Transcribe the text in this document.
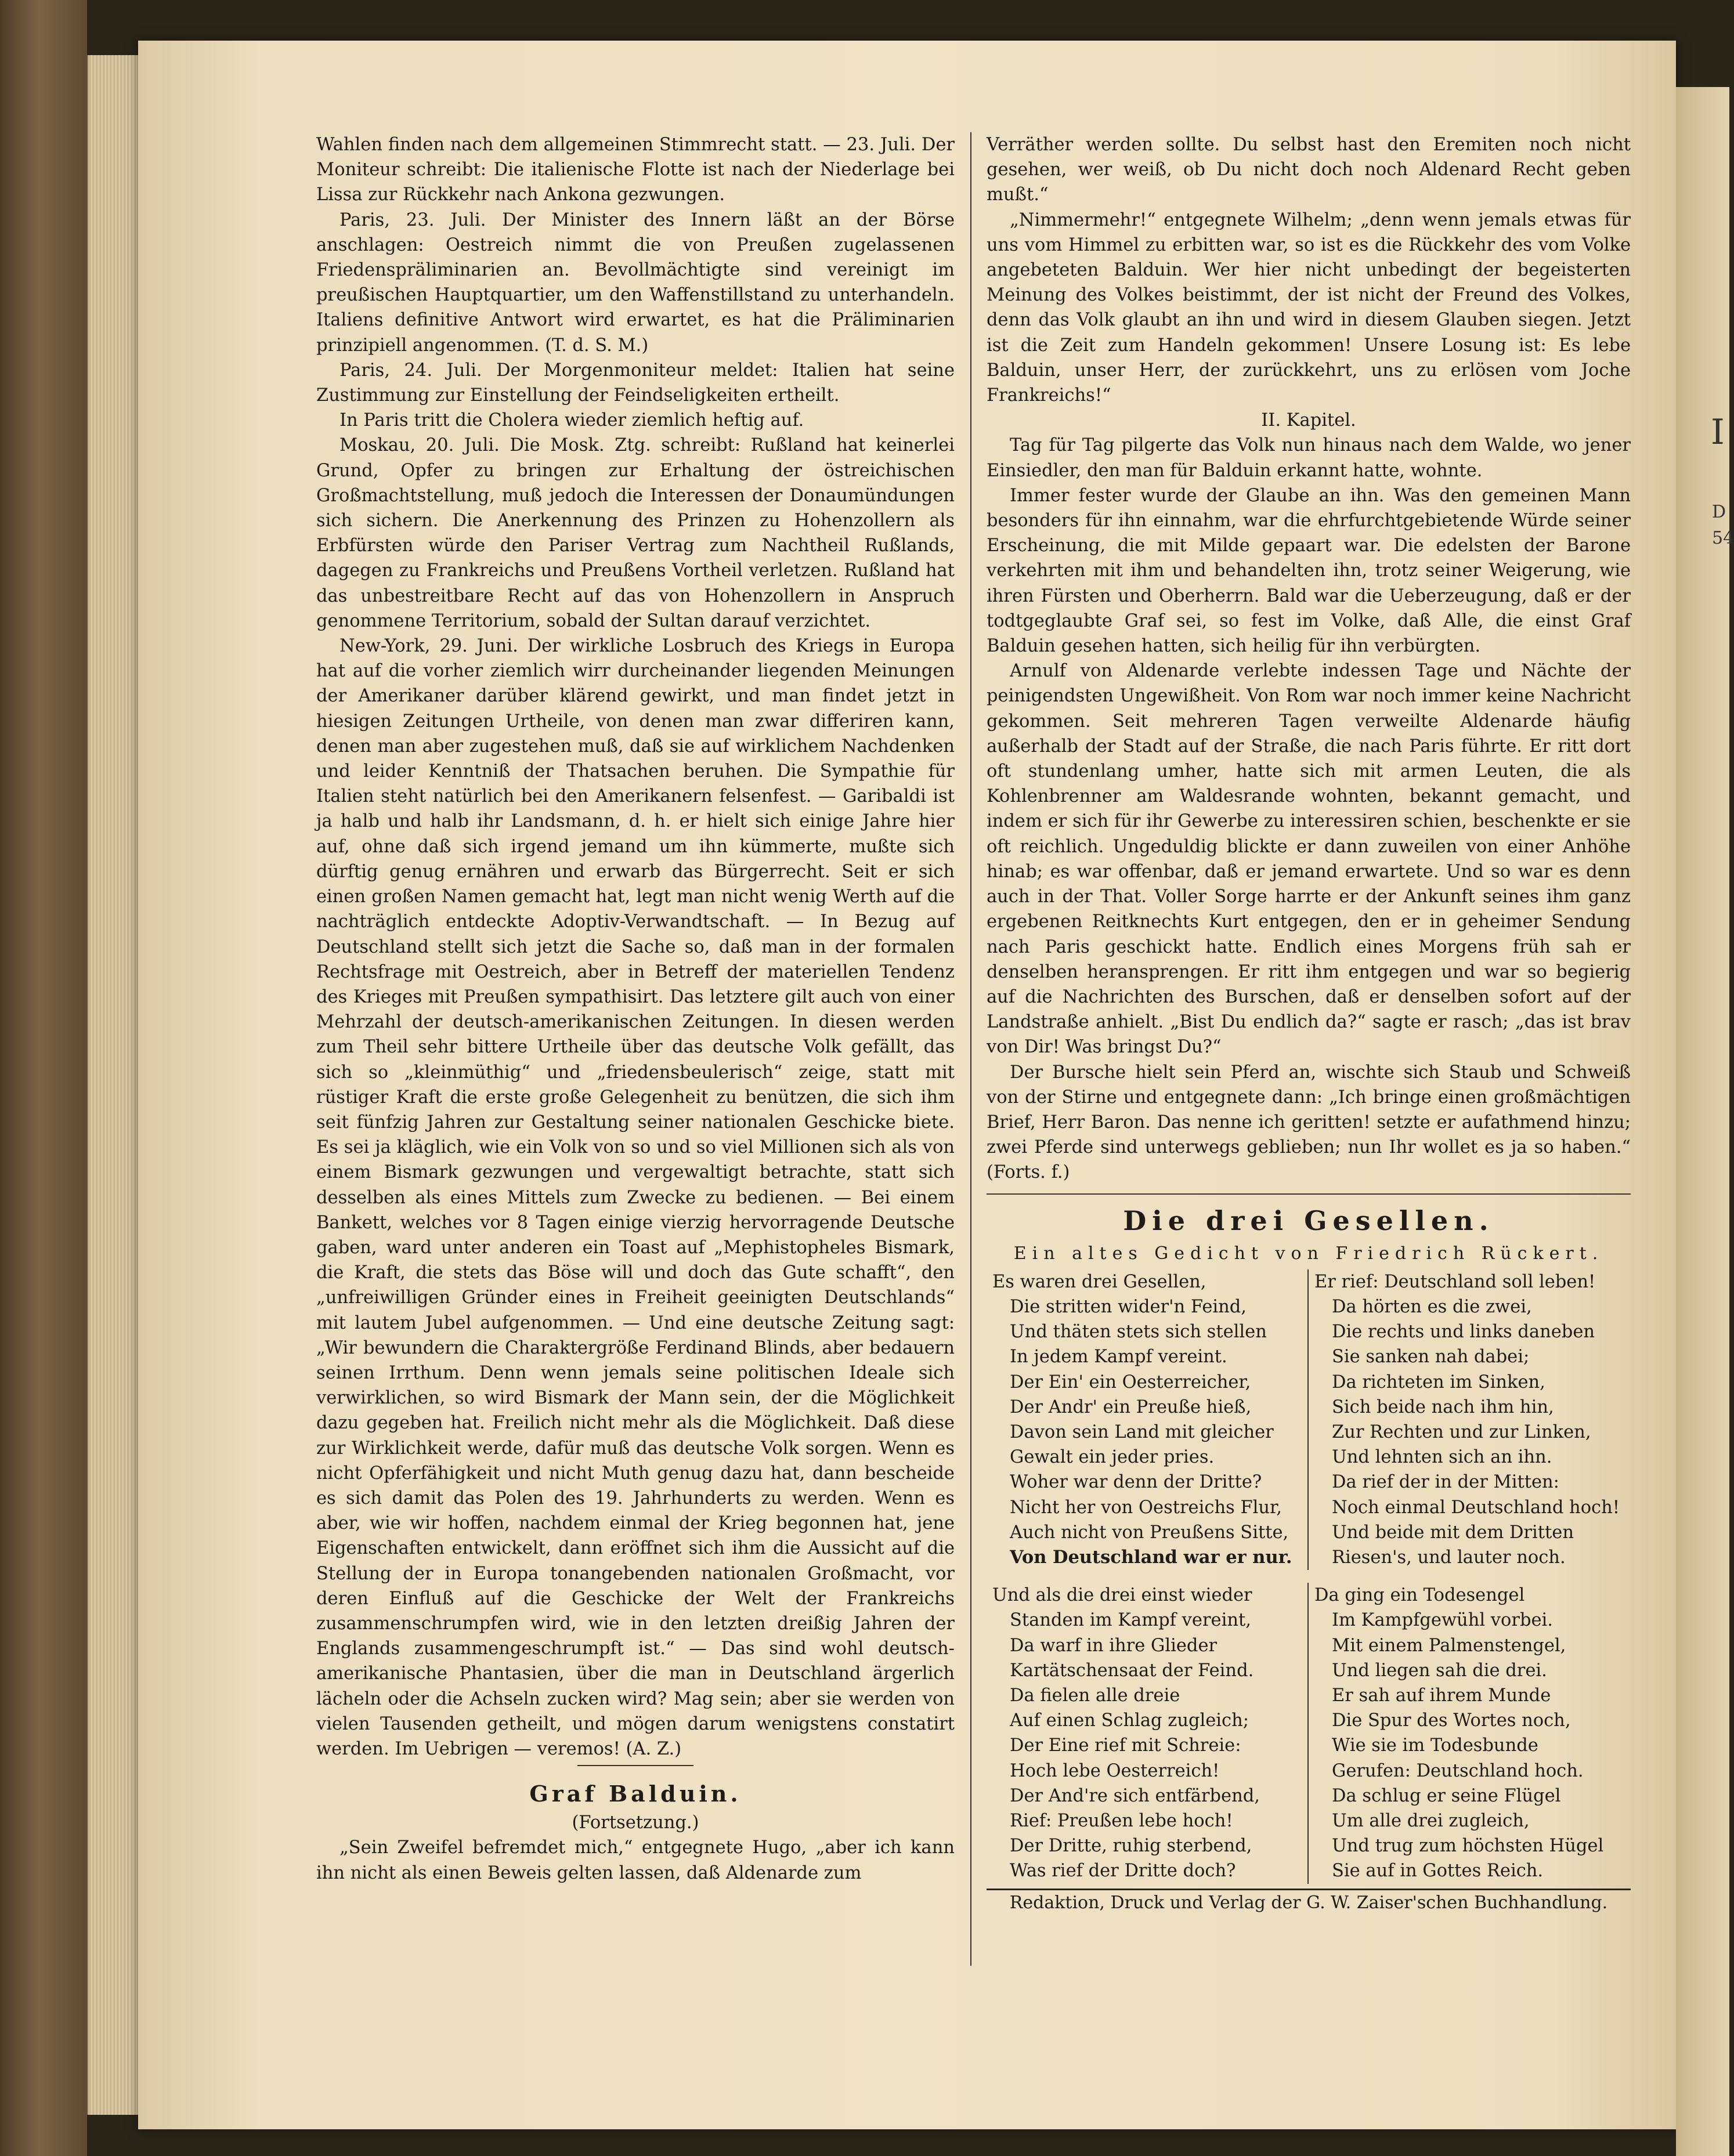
I
D
54

Wahlen finden nach dem allgemeinen Stimmrecht statt. — 23. Juli. Der Moniteur schreibt: Die italienische Flotte ist nach der Niederlage bei Lissa zur Rückkehr nach Ankona gezwungen.

Paris, 23. Juli. Der Minister des Innern läßt an der Börse anschlagen: Oestreich nimmt die von Preußen zugelassenen Friedenspräliminarien an. Bevollmächtigte sind vereinigt im preußischen Hauptquartier, um den Waffenstillstand zu unterhandeln. Italiens definitive Antwort wird erwartet, es hat die Präliminarien prinzipiell angenommen. (T. d. S. M.)

Paris, 24. Juli. Der Morgenmoniteur meldet: Italien hat seine Zustimmung zur Einstellung der Feindseligkeiten ertheilt.

In Paris tritt die Cholera wieder ziemlich heftig auf.

Moskau, 20. Juli. Die Mosk. Ztg. schreibt: Rußland hat keinerlei Grund, Opfer zu bringen zur Erhaltung der östreichischen Großmachtstellung, muß jedoch die Interessen der Donaumündungen sich sichern. Die Anerkennung des Prinzen zu Hohenzollern als Erbfürsten würde den Pariser Vertrag zum Nachtheil Rußlands, dagegen zu Frankreichs und Preußens Vortheil verletzen. Rußland hat das unbestreitbare Recht auf das von Hohenzollern in Anspruch genommene Territorium, sobald der Sultan darauf verzichtet.

New-York, 29. Juni. Der wirkliche Losbruch des Kriegs in Europa hat auf die vorher ziemlich wirr durcheinander liegenden Meinungen der Amerikaner darüber klärend gewirkt, und man findet jetzt in hiesigen Zeitungen Urtheile, von denen man zwar differiren kann, denen man aber zugestehen muß, daß sie auf wirklichem Nachdenken und leider Kenntniß der Thatsachen beruhen. Die Sympathie für Italien steht natürlich bei den Amerikanern felsenfest. — Garibaldi ist ja halb und halb ihr Landsmann, d. h. er hielt sich einige Jahre hier auf, ohne daß sich irgend jemand um ihn kümmerte, mußte sich dürftig genug ernähren und erwarb das Bürgerrecht. Seit er sich einen großen Namen gemacht hat, legt man nicht wenig Werth auf die nachträglich entdeckte Adoptiv-Verwandtschaft. — In Bezug auf Deutschland stellt sich jetzt die Sache so, daß man in der formalen Rechtsfrage mit Oestreich, aber in Betreff der materiellen Tendenz des Krieges mit Preußen sympathisirt. Das letztere gilt auch von einer Mehrzahl der deutsch-amerikanischen Zeitungen. In diesen werden zum Theil sehr bittere Urtheile über das deutsche Volk gefällt, das sich so „kleinmüthig“ und „friedensbeulerisch“ zeige, statt mit rüstiger Kraft die erste große Gelegenheit zu benützen, die sich ihm seit fünfzig Jahren zur Gestaltung seiner nationalen Geschicke biete. Es sei ja kläglich, wie ein Volk von so und so viel Millionen sich als von einem Bismark gezwungen und vergewaltigt betrachte, statt sich desselben als eines Mittels zum Zwecke zu bedienen. — Bei einem Bankett, welches vor 8 Tagen einige vierzig hervorragende Deutsche gaben, ward unter anderen ein Toast auf „Mephistopheles Bismark, die Kraft, die stets das Böse will und doch das Gute schafft“, den „unfreiwilligen Gründer eines in Freiheit geeinigten Deutschlands“ mit lautem Jubel aufgenommen. — Und eine deutsche Zeitung sagt: „Wir bewundern die Charaktergröße Ferdinand Blinds, aber bedauern seinen Irrthum. Denn wenn jemals seine politischen Ideale sich verwirklichen, so wird Bismark der Mann sein, der die Möglichkeit dazu gegeben hat. Freilich nicht mehr als die Möglichkeit. Daß diese zur Wirklichkeit werde, dafür muß das deutsche Volk sorgen. Wenn es nicht Opferfähigkeit und nicht Muth genug dazu hat, dann bescheide es sich damit das Polen des 19. Jahrhunderts zu werden. Wenn es aber, wie wir hoffen, nachdem einmal der Krieg begonnen hat, jene Eigenschaften entwickelt, dann eröffnet sich ihm die Aussicht auf die Stellung der in Europa tonangebenden nationalen Großmacht, vor deren Einfluß auf die Geschicke der Welt der Frankreichs zusammenschrumpfen wird, wie in den letzten dreißig Jahren der Englands zusammengeschrumpft ist.“ — Das sind wohl deutsch-amerikanische Phantasien, über die man in Deutschland ärgerlich lächeln oder die Achseln zucken wird? Mag sein; aber sie werden von vielen Tausenden getheilt, und mögen darum wenigstens constatirt werden. Im Uebrigen — veremos! (A. Z.)

Graf Balduin.
(Fortsetzung.)

„Sein Zweifel befremdet mich,“ entgegnete Hugo, „aber ich kann ihn nicht als einen Beweis gelten lassen, daß Aldenarde zum

Verräther werden sollte. Du selbst hast den Eremiten noch nicht gesehen, wer weiß, ob Du nicht doch noch Aldenard Recht geben mußt.“

„Nimmermehr!“ entgegnete Wilhelm; „denn wenn jemals etwas für uns vom Himmel zu erbitten war, so ist es die Rückkehr des vom Volke angebeteten Balduin. Wer hier nicht unbedingt der begeisterten Meinung des Volkes beistimmt, der ist nicht der Freund des Volkes, denn das Volk glaubt an ihn und wird in diesem Glauben siegen. Jetzt ist die Zeit zum Handeln gekommen! Unsere Losung ist: Es lebe Balduin, unser Herr, der zurückkehrt, uns zu erlösen vom Joche Frankreichs!“

II. Kapitel.

Tag für Tag pilgerte das Volk nun hinaus nach dem Walde, wo jener Einsiedler, den man für Balduin erkannt hatte, wohnte.

Immer fester wurde der Glaube an ihn. Was den gemeinen Mann besonders für ihn einnahm, war die ehrfurchtgebietende Würde seiner Erscheinung, die mit Milde gepaart war. Die edelsten der Barone verkehrten mit ihm und behandelten ihn, trotz seiner Weigerung, wie ihren Fürsten und Oberherrn. Bald war die Ueberzeugung, daß er der todtgeglaubte Graf sei, so fest im Volke, daß Alle, die einst Graf Balduin gesehen hatten, sich heilig für ihn verbürgten.

Arnulf von Aldenarde verlebte indessen Tage und Nächte der peinigendsten Ungewißheit. Von Rom war noch immer keine Nachricht gekommen. Seit mehreren Tagen verweilte Aldenarde häufig außerhalb der Stadt auf der Straße, die nach Paris führte. Er ritt dort oft stundenlang umher, hatte sich mit armen Leuten, die als Kohlenbrenner am Waldesrande wohnten, bekannt gemacht, und indem er sich für ihr Gewerbe zu interessiren schien, beschenkte er sie oft reichlich. Ungeduldig blickte er dann zuweilen von einer Anhöhe hinab; es war offenbar, daß er jemand erwartete. Und so war es denn auch in der That. Voller Sorge harrte er der Ankunft seines ihm ganz ergebenen Reitknechts Kurt entgegen, den er in geheimer Sendung nach Paris geschickt hatte. Endlich eines Morgens früh sah er denselben heransprengen. Er ritt ihm entgegen und war so begierig auf die Nachrichten des Burschen, daß er denselben sofort auf der Landstraße anhielt. „Bist Du endlich da?“ sagte er rasch; „das ist brav von Dir! Was bringst Du?“

Der Bursche hielt sein Pferd an, wischte sich Staub und Schweiß von der Stirne und entgegnete dann: „Ich bringe einen großmächtigen Brief, Herr Baron. Das nenne ich geritten! setzte er aufathmend hinzu; zwei Pferde sind unterwegs geblieben; nun Ihr wollet es ja so haben.“ (Forts. f.)

Die drei Gesellen.
Ein altes Gedicht von Friedrich Rückert.
Es waren drei Gesellen,
Die stritten wider'n Feind,
Und thäten stets sich stellen
In jedem Kampf vereint.
Der Ein' ein Oesterreicher,
Der Andr' ein Preuße hieß,
Davon sein Land mit gleicher
Gewalt ein jeder pries.
Woher war denn der Dritte?
Nicht her von Oestreichs Flur,
Auch nicht von Preußens Sitte,
Von Deutschland war er nur.
Er rief: Deutschland soll leben!
Da hörten es die zwei,
Die rechts und links daneben
Sie sanken nah dabei;
Da richteten im Sinken,
Sich beide nach ihm hin,
Zur Rechten und zur Linken,
Und lehnten sich an ihn.
Da rief der in der Mitten:
Noch einmal Deutschland hoch!
Und beide mit dem Dritten
Riesen's, und lauter noch.
Und als die drei einst wieder
Standen im Kampf vereint,
Da warf in ihre Glieder
Kartätschensaat der Feind.
Da fielen alle dreie
Auf einen Schlag zugleich;
Der Eine rief mit Schreie:
Hoch lebe Oesterreich!
Der And're sich entfärbend,
Rief: Preußen lebe hoch!
Der Dritte, ruhig sterbend,
Was rief der Dritte doch?
Da ging ein Todesengel
Im Kampfgewühl vorbei.
Mit einem Palmenstengel,
Und liegen sah die drei.
Er sah auf ihrem Munde
Die Spur des Wortes noch,
Wie sie im Todesbunde
Gerufen: Deutschland hoch.
Da schlug er seine Flügel
Um alle drei zugleich,
Und trug zum höchsten Hügel
Sie auf in Gottes Reich.
Redaktion, Druck und Verlag der G. W. Zaiser'schen Buchhandlung.
